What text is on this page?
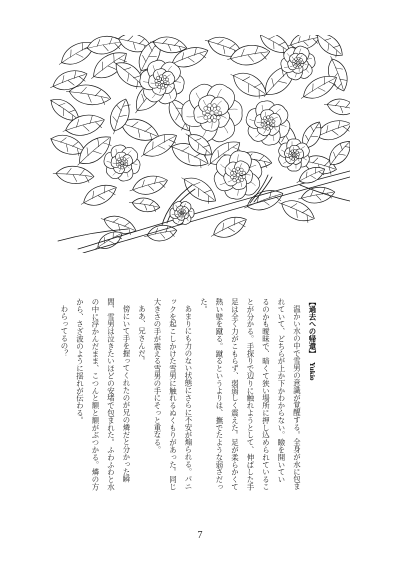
【過去への帰還】Yukio
温かい水の中で雪男の意識が覚醒する。全身が水に包ま
れていて、どちらが上か下かわからない。瞼を開いてい
るのかも曖昧で、暗くて狭い場所に押し込められているこ
とが分かる。手探りで辺りに触れようとして、伸ばした手
足は全く力がこもらず、弱弱しく震えた。足が柔らかくて
熱い壁を蹴る。蹴るというよりは、撫でたような弱さだっ
た。
あまりにも力のない状態にさらに不安が煽られる。パニ
ックを起こしかけた雪男に触れるぬくもりがあった。同じ
大きさの手が震える雪男の手にそっと重なる。
ああ、兄さんだ。
傍にいて手を握ってくれたのが兄の燐だと分かった瞬
間、雪男は泣きたいほどの安堵で包まれた。ふわふわと水
の中に浮かんだまま、こつんと額と額がぶつかる。燐の方
から、さざ波のように揺れが伝わる。
わらってるの？
7
